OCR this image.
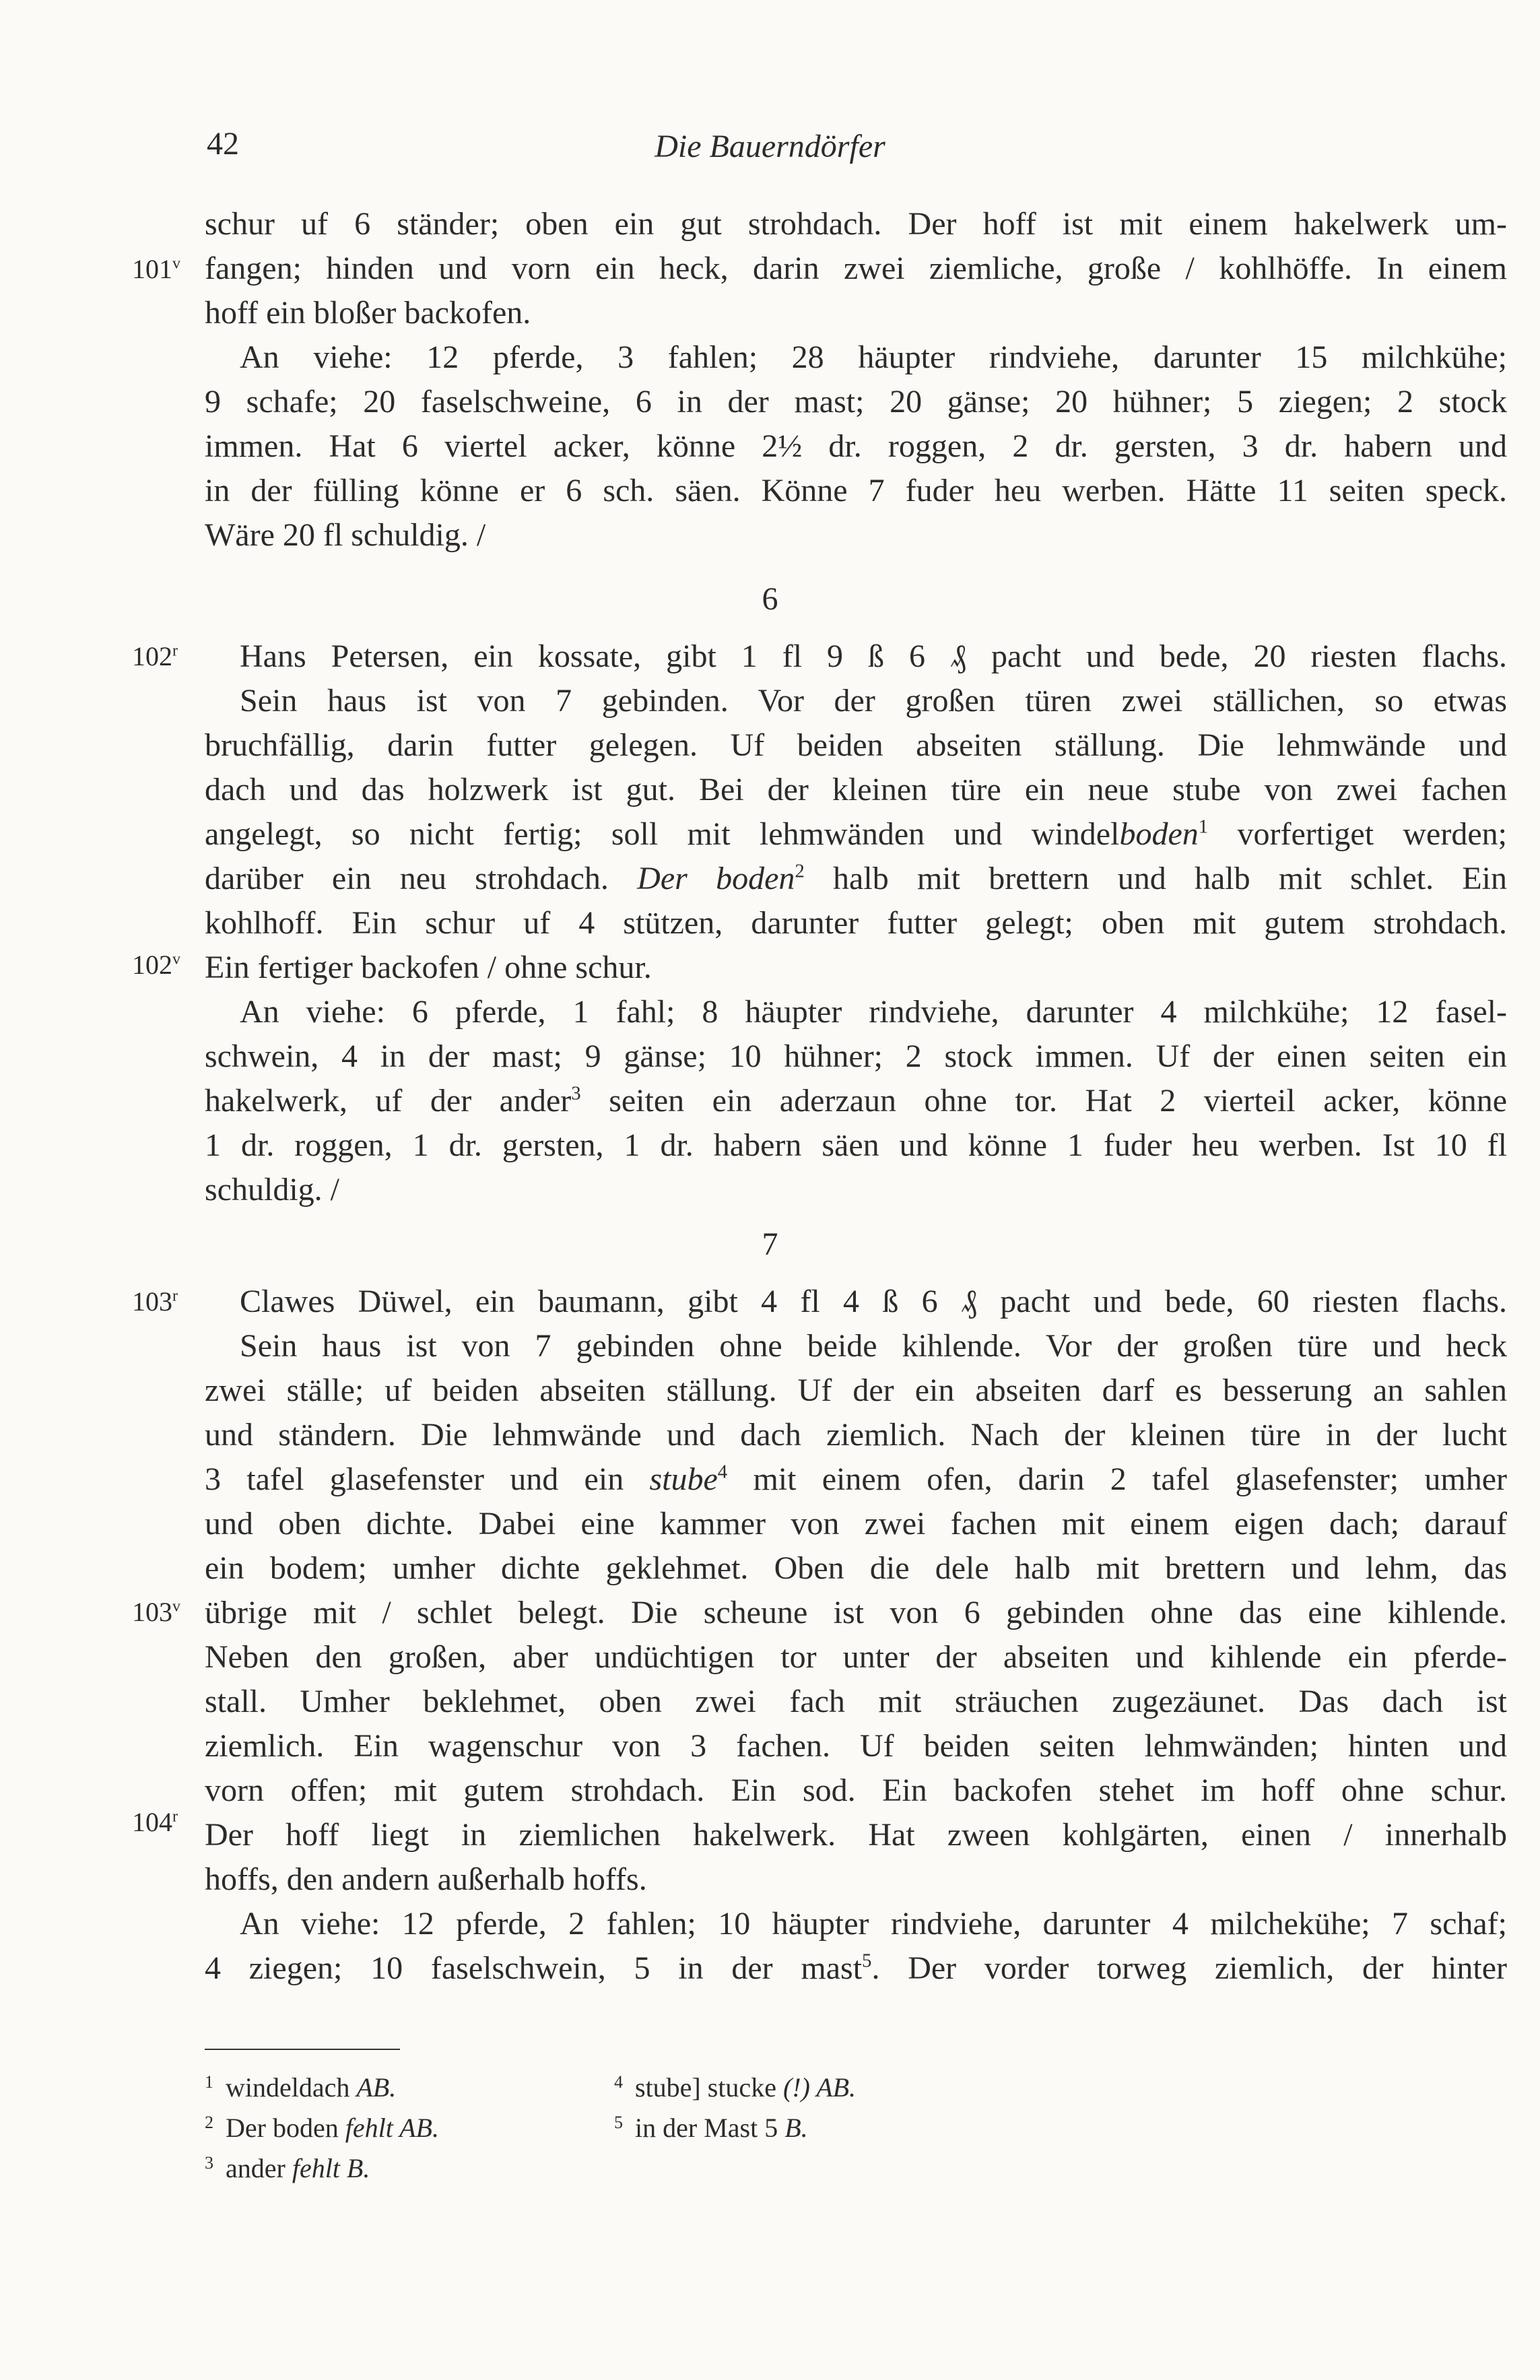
42	Die Bauerndörfer
101$^v$
102$^r$
102$^v$
103$^r$
103$^v$
104$^r$
schur uf 6 ständer; oben ein gut strohdach. Der hoff ist mit einem hakelwerk um-
fangen; hinden und vorn ein heck, darin zwei ziemliche, große / kohlhöffe. In einem
hoff ein bloßer backofen.
An viehe: 12 pferde, 3 fahlen; 28 häupter rindviehe, darunter 15 milchkühe;
9 schafe; 20 faselschweine, 6 in der mast; 20 gänse; 20 hühner; 5 ziegen; 2 stock
immen. Hat 6 viertel acker, könne 2½ dr. roggen, 2 dr. gersten, 3 dr. habern und
in der fülling könne er 6 sch. säen. Könne 7 fuder heu werben. Hätte 11 seiten speck.
Wäre 20 fl schuldig. /
6
Hans Petersen, ein kossate, gibt 1 fl 9 ß 6 ₰ pacht und bede, 20 riesten flachs.
Sein haus ist von 7 gebinden. Vor der großen türen zwei ställichen, so etwas
bruchfällig, darin futter gelegen. Uf beiden abseiten ställung. Die lehmwände und
dach und das holzwerk ist gut. Bei der kleinen türe ein neue stube von zwei fachen
angelegt, so nicht fertig; soll mit lehmwänden und windelboden$^1$ vorfertiget werden;
darüber ein neu strohdach. Der boden$^2$ halb mit brettern und halb mit schlet. Ein
kohlhoff. Ein schur uf 4 stützen, darunter futter gelegt; oben mit gutem strohdach.
Ein fertiger backofen / ohne schur.
An viehe: 6 pferde, 1 fahl; 8 häupter rindviehe, darunter 4 milchkühe; 12 fasel-
schwein, 4 in der mast; 9 gänse; 10 hühner; 2 stock immen. Uf der einen seiten ein
hakelwerk, uf der ander$^3$ seiten ein aderzaun ohne tor. Hat 2 vierteil acker, könne
1 dr. roggen, 1 dr. gersten, 1 dr. habern säen und könne 1 fuder heu werben. Ist 10 fl
schuldig. /
7
Clawes Düwel, ein baumann, gibt 4 fl 4 ß 6 ₰ pacht und bede, 60 riesten flachs.
Sein haus ist von 7 gebinden ohne beide kihlende. Vor der großen türe und heck
zwei ställe; uf beiden abseiten ställung. Uf der ein abseiten darf es besserung an sahlen
und ständern. Die lehmwände und dach ziemlich. Nach der kleinen türe in der lucht
3 tafel glasefenster und ein stube$^4$ mit einem ofen, darin 2 tafel glasefenster; umher
und oben dichte. Dabei eine kammer von zwei fachen mit einem eigen dach; darauf
ein bodem; umher dichte geklehmet. Oben die dele halb mit brettern und lehm, das
übrige mit / schlet belegt. Die scheune ist von 6 gebinden ohne das eine kihlende.
Neben den großen, aber undüchtigen tor unter der abseiten und kihlende ein pferde-
stall. Umher beklehmet, oben zwei fach mit sträuchen zugezäunet. Das dach ist
ziemlich. Ein wagenschur von 3 fachen. Uf beiden seiten lehmwänden; hinten und
vorn offen; mit gutem strohdach. Ein sod. Ein backofen stehet im hoff ohne schur.
Der hoff liegt in ziemlichen hakelwerk. Hat zween kohlgärten, einen / innerhalb
hoffs, den andern außerhalb hoffs.
An viehe: 12 pferde, 2 fahlen; 10 häupter rindviehe, darunter 4 milchekühe; 7 schaf;
4 ziegen; 10 faselschwein, 5 in der mast$^5$. Der vorder torweg ziemlich, der hinter
$^1$ windeldach AB.
$^2$ Der boden fehlt AB.
$^3$ ander fehlt B.
$^4$ stube] stucke (!) AB.
$^5$ in der Mast 5 B.
